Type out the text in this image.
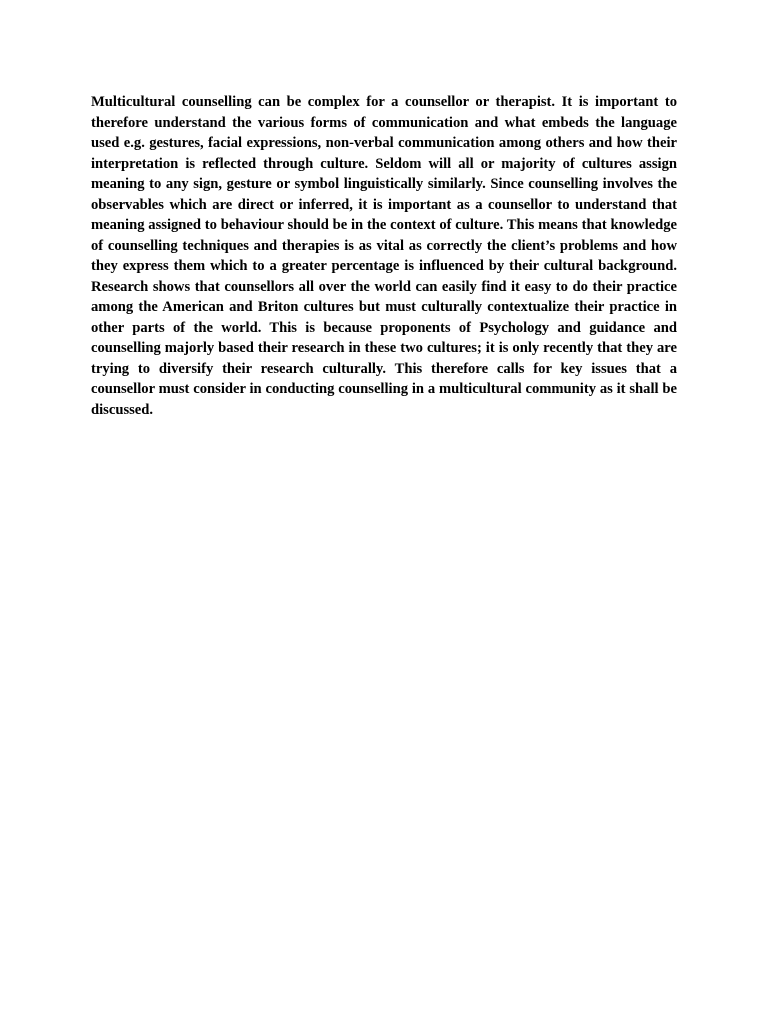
Multicultural counselling can be complex for a counsellor or therapist. It is important to therefore understand the various forms of communication and what embeds the language used e.g. gestures, facial expressions, non-verbal communication among others and how their interpretation is reflected through culture. Seldom will all or majority of cultures assign meaning to any sign, gesture or symbol linguistically similarly. Since counselling involves the observables which are direct or inferred, it is important as a counsellor to understand that meaning assigned to behaviour should be in the context of culture. This means that knowledge of counselling techniques and therapies is as vital as correctly the client’s problems and how they express them which to a greater percentage is influenced by their cultural background. Research shows that counsellors all over the world can easily find it easy to do their practice among the American and Briton cultures but must culturally contextualize their practice in other parts of the world. This is because proponents of Psychology and guidance and counselling majorly based their research in these two cultures; it is only recently that they are trying to diversify their research culturally. This therefore calls for key issues that a counsellor must consider in conducting counselling in a multicultural community as it shall be discussed.
